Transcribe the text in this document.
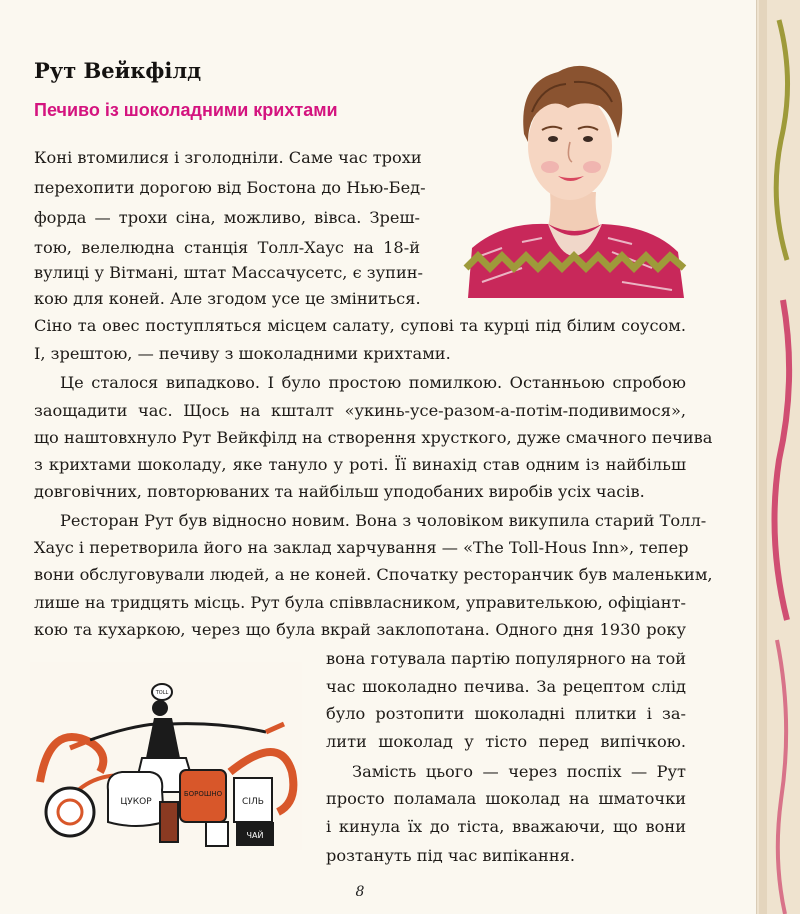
Рут Вейкфілд
Печиво із шоколадними крихтами
Коні втомилися і зголодніли. Саме час трохи
перехопити дорогою від Бостона до Нью-Бед-
форда — трохи сіна, можливо, вівса. Зреш-
тою, велелюдна станція Толл-Хаус на 18-й
вулиці у Вітмані, штат Массачусетс, є зупин-
кою для коней. Але згодом усе це зміниться.
Сіно та овес поступляться місцем салату, супові та курці під білим соусом.
І, зрештою, — печиву з шоколадними крихтами.
Це сталося випадково. І було простою помилкою. Останньою спробою
заощадити час. Щось на кшталт «укинь-усе-разом-а-потім-подивимося»,
що наштовхнуло Рут Вейкфілд на створення хрусткого, дуже смачного печива
з крихтами шоколаду, яке тануло у роті. Її винахід став одним із найбільш
довговічних, повторюваних та найбільш уподобаних виробів усіх часів.
Ресторан Рут був відносно новим. Вона з чоловіком викупила старий Толл-
Хаус і перетворила його на заклад харчування — «The Toll-Hous Inn», тепер
вони обслуговували людей, а не коней. Спочатку ресторанчик був маленьким,
лише на тридцять місць. Рут була співвласником, управителькою, офіціант-
кою та кухаркою, через що була вкрай заклопотана. Одного дня 1930 року
вона готувала партію популярного на той
час шоколадно печива. За рецептом слід
було розтопити шоколадні плитки і за-
лити шоколад у тісто перед випічкою.
Замість цього — через поспіх — Рут
просто поламала шоколад на шматочки
і кинула їх до тіста, вважаючи, що вони
розтануть під час випікання.
TOLL
ЦУКОР
БОРОШНО
СІЛЬ
ЧАЙ
8
